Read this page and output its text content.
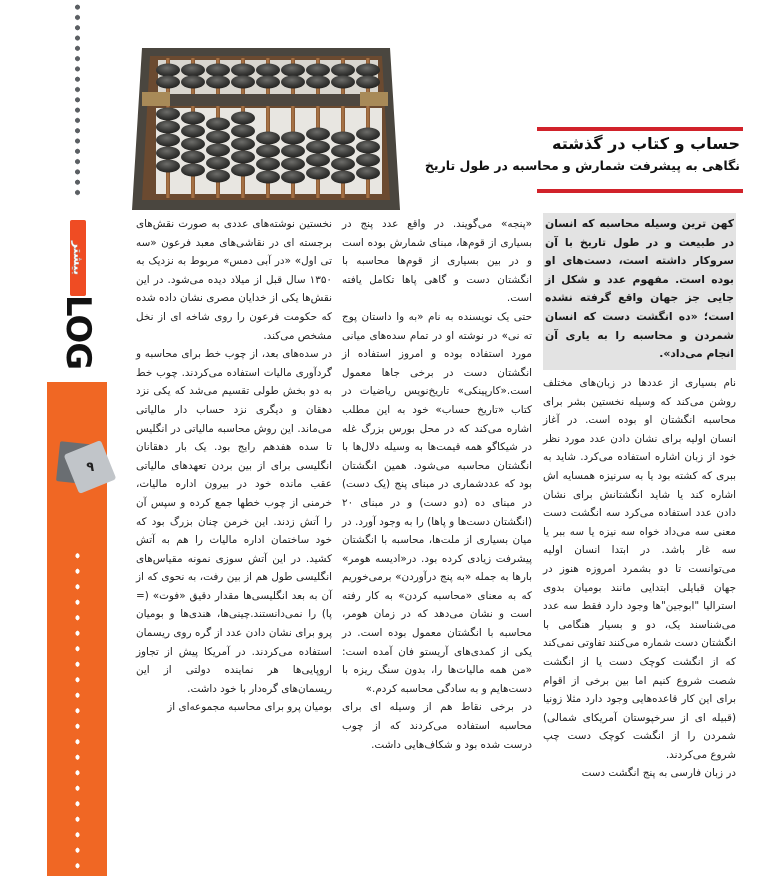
بیشتر
LOG
۹
حساب و کتاب در گذشته
نگاهی به پیشرفت شمارش و محاسبه در طول تاریخ

کهن ترین وسیله محاسبه که انسان در طبیعت و در طول تاریخ با آن سروکار داشته است، دست‌های او بوده است. مفهوم عدد و شکل از جایی جز جهان واقع گرفته نشده است؛ «ده انگشت دست که انسان شمردن و محاسبه را به یاری آن انجام می‌داد».

نام بسیاری از عددها در زبان‌های مختلف روشن می‌کند که وسیله نخستین بشر برای محاسبه انگشتان او بوده است. در آغاز انسان اولیه برای نشان دادن عدد مورد نظر خود از زبان اشاره استفاده می‌کرد. شاید به ببری که کشته بود یا به سرنیزه همسایه اش اشاره کند یا شاید انگشتانش برای نشان دادن عدد استفاده می‌کرد سه انگشت دست معنی سه می‌داد خواه سه نیزه یا سه ببر یا سه غار باشد. در ابتدا انسان اولیه می‌توانست تا دو بشمرد امروزه هنوز در جهان قبایلی ابتدایی مانند بومیان بدوی استرالیا "ابوجین"ها وجود دارد فقط سه عدد می‌شناسند یک، دو و بسیار هنگامی با انگشتان دست شماره می‌کنند تفاوتی نمی‌کند که از انگشت کوچک دست یا از انگشت شصت شروع کنیم اما بین برخی از اقوام برای این کار قاعده‌هایی وجود دارد مثلا زونیا (قبیله ای از سرخپوستان آمریکای شمالی) شمردن را از انگشت کوچک دست چپ شروع می‌کردند.

در زبان فارسی به پنج انگشت دست

«پنجه» می‌گویند. در واقع عدد پنج در بسیاری از قوم‌ها، مبنای شمارش بوده است و در بین بسیاری از قوم‌ها محاسبه با انگشتان دست و گاهی پاها تکامل یافته است.

حتی یک نویسنده به نام «به وا داستان پوج ته نی» در نوشته او در تمام سده‌های میانی مورد استفاده بوده و امروز استفاده از انگشتان دست در برخی جاها معمول است.«کارپینکی» تاریخ‌نویس ریاضیات در کتاب «تاریخ حساب» خود به این مطلب اشاره می‌کند که در محل بورس بزرگ غله در شیکاگو همه قیمت‌ها به وسیله دلال‌ها با انگشتان محاسبه می‌شود. همین انگشتان بود که عددشماری در مبنای پنج (یک دست) در مبنای ده (دو دست) و در مبنای ۲۰ (انگشتان دست‌ها و پاها) را به وجود آورد. در میان بسیاری از ملت‌ها، محاسبه با انگشتان پیشرفت زیادی کرده بود. در«ادیسه هومر» بارها به جمله «به پنج درآوردن» برمی‌خوریم که به معنای «محاسبه کردن» به کار رفته است و نشان می‌دهد که در زمان هومر، محاسبه با انگشتان معمول بوده است. در یکی از کمدی‌های آریستو فان آمده است: «من همه مالیات‌ها را، بدون سنگ ریزه با دست‌هایم و به سادگی محاسبه کردم.»

در برخی نقاط هم از وسیله ای برای محاسبه استفاده می‌کردند که از چوب درست شده بود و شکاف‌هایی داشت.

نخستین نوشته‌های عددی به صورت نقش‌های برجسته ای در نقاشی‌های معبد فرعون «سه تی اول» «در آبی دمس» مربوط به نزدیک به ۱۳۵۰ سال قبل از میلاد دیده می‌شود. در این نقش‌ها یکی از خدایان مصری نشان داده شده که حکومت فرعون را روی شاخه ای از نخل مشخص می‌کند.

در سده‌های بعد، از چوب خط برای محاسبه و گردآوری مالیات استفاده می‌کردند. چوب خط به دو بخش طولی تقسیم می‌شد که یکی نزد دهقان و دیگری نزد حساب دار مالیاتی می‌ماند. این روش محاسبه مالیاتی در انگلیس تا سده هفدهم رایج بود. یک بار دهقانان انگلیسی برای از بین بردن تعهدهای مالیاتی عقب مانده خود در بیرون اداره مالیات، خرمنی از چوب خطها جمع کرده و سپس آن را آتش زدند. این خرمن چنان بزرگ بود که خود ساختمان اداره مالیات را هم به آتش کشید. در این آتش سوزی نمونه مقیاس‌های انگلیسی طول هم از بین رفت، به نحوی که از آن به بعد انگلیسی‌ها مقدار دقیق «فوت» (= پا) را نمی‌دانستند.چینی‌ها، هندی‌ها و بومیان پرو برای نشان دادن عدد از گره روی ریسمان استفاده می‌کردند. در آمریکا پیش از تجاوز اروپایی‌ها هر نماینده دولتی از این ریسمان‌های گره‌دار با خود داشت.

بومیان پرو برای محاسبه مجموعه‌ای از
